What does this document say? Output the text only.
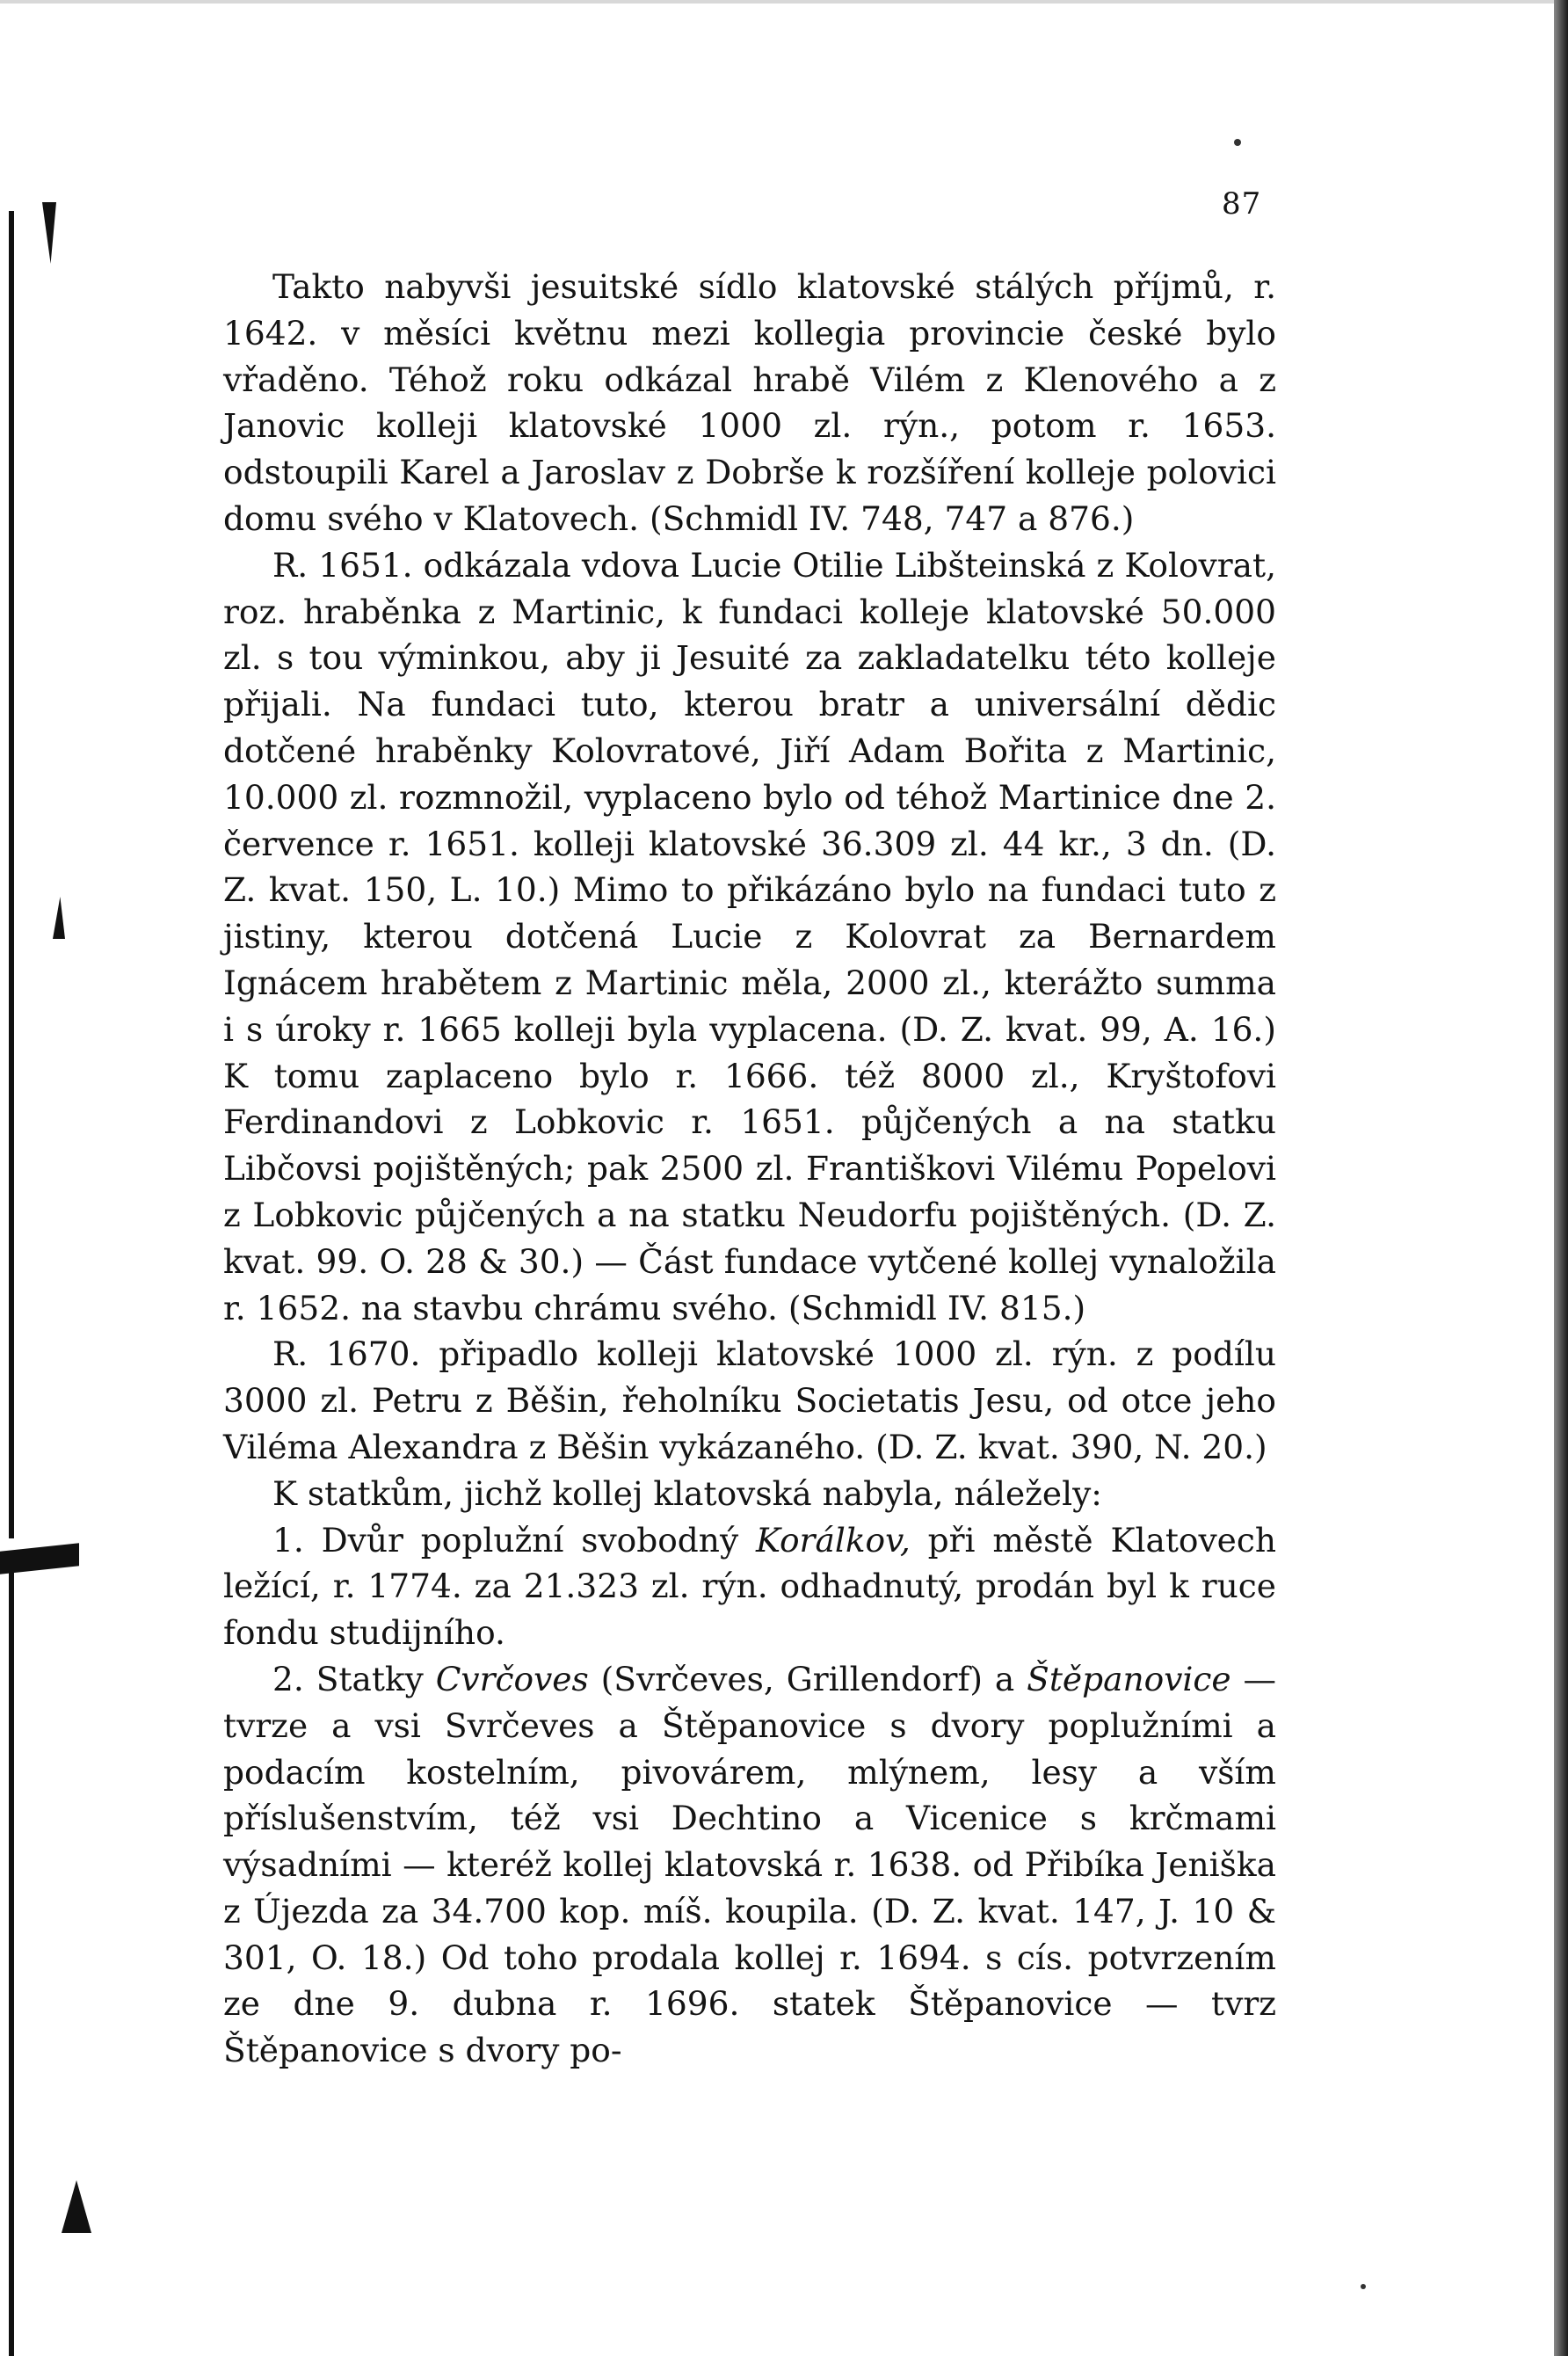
87

Takto nabyvši jesuitské sídlo klatovské stálých příjmů, r. 1642. v měsíci květnu mezi kollegia provincie české bylo vřaděno. Téhož roku odkázal hrabě Vilém z Klenového a z Janovic kolleji klatovské 1000 zl. rýn., potom r. 1653. odstoupili Karel a Jaroslav z Dobrše k rozšíření kolleje polovici domu svého v Klatovech. (Schmidl IV. 748, 747 a 876.)

R. 1651. odkázala vdova Lucie Otilie Libšteinská z Kolovrat, roz. hraběnka z Martinic, k fundaci kolleje klatovské 50.000 zl. s tou výminkou, aby ji Jesuité za zakladatelku této kolleje přijali. Na fundaci tuto, kterou bratr a universální dědic dotčené hraběnky Kolovratové, Jiří Adam Bořita z Martinic, 10.000 zl. rozmnožil, vyplaceno bylo od téhož Martinice dne 2. července r. 1651. kolleji klatovské 36.309 zl. 44 kr., 3 dn. (D. Z. kvat. 150, L. 10.) Mimo to přikázáno bylo na fundaci tuto z jistiny, kterou dotčená Lucie z Kolovrat za Bernardem Ignácem hrabětem z Martinic měla, 2000 zl., kterážto summa i s úroky r. 1665 kolleji byla vyplacena. (D. Z. kvat. 99, A. 16.) K tomu zaplaceno bylo r. 1666. též 8000 zl., Kryštofovi Ferdinandovi z Lobkovic r. 1651. půjčených a na statku Libčovsi pojištěných; pak 2500 zl. Františkovi Vilému Popelovi z Lobkovic půjčených a na statku Neudorfu pojištěných. (D. Z. kvat. 99. O. 28 & 30.) — Část fundace vytčené kollej vynaložila r. 1652. na stavbu chrámu svého. (Schmidl IV. 815.)

R. 1670. připadlo kolleji klatovské 1000 zl. rýn. z podílu 3000 zl. Petru z Běšin, řeholníku Societatis Jesu, od otce jeho Viléma Alexandra z Běšin vykázaného. (D. Z. kvat. 390, N. 20.)

K statkům, jichž kollej klatovská nabyla, náležely:

1. Dvůr poplužní svobodný Korálkov, při městě Klatovech ležící, r. 1774. za 21.323 zl. rýn. odhadnutý, prodán byl k ruce fondu studijního.

2. Statky Cvrčoves (Svrčeves, Grillendorf) a Štěpanovice — tvrze a vsi Svrčeves a Štěpanovice s dvory poplužními a podacím kostelním, pivovárem, mlýnem, lesy a vším příslušenstvím, též vsi Dechtino a Vicenice s krčmami výsadními — kteréž kollej klatovská r. 1638. od Přibíka Jeniška z Újezda za 34.700 kop. míš. koupila. (D. Z. kvat. 147, J. 10 & 301, O. 18.) Od toho prodala kollej r. 1694. s cís. potvrzením ze dne 9. dubna r. 1696. statek Štěpanovice — tvrz Štěpanovice s dvory po-
